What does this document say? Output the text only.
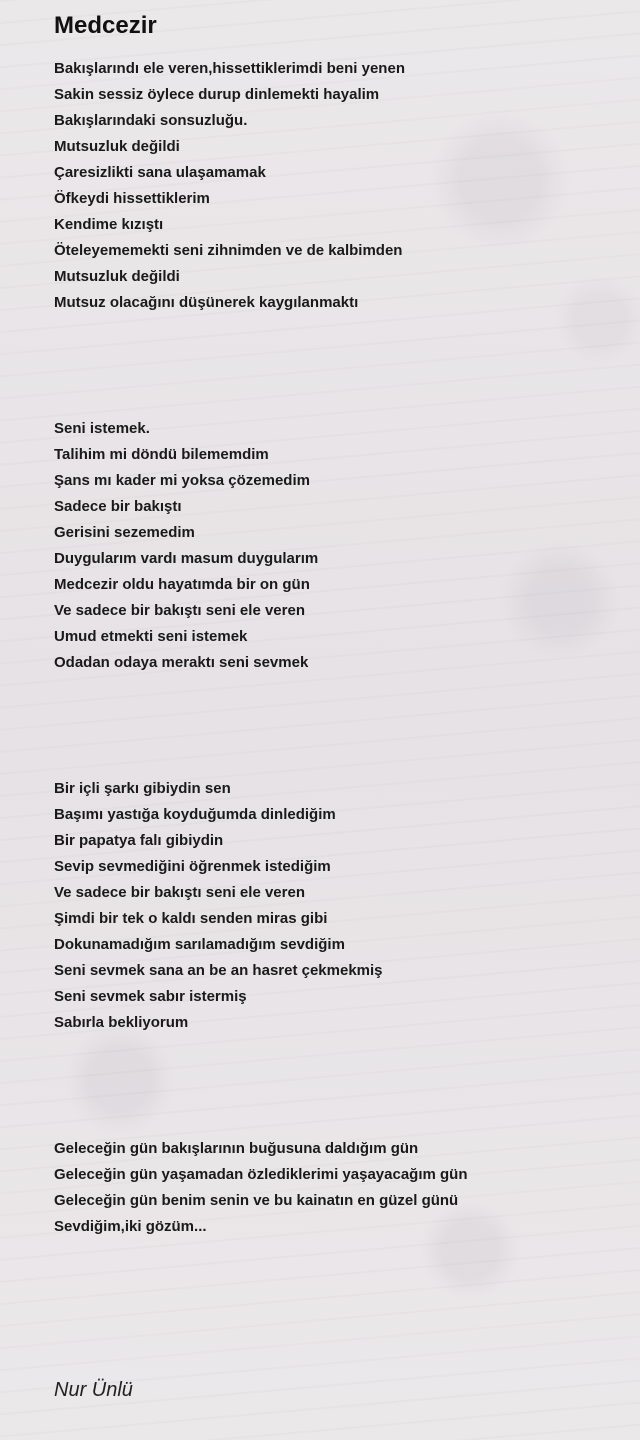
Medcezir
Bakışlarındı ele veren,hissettiklerimdi beni yenen
Sakin sessiz öylece durup dinlemekti hayalim
Bakışlarındaki sonsuzluğu.
Mutsuzluk değildi
Çaresizlikti sana ulaşamamak
Öfkeydi hissettiklerim
Kendime kızıştı
Öteleyememekti seni zihnimden ve de kalbimden
Mutsuzluk değildi
Mutsuz olacağını düşünerek kaygılanmaktı
Seni istemek.
Talihim mi döndü bilememdim
Şans mı kader mi yoksa çözemedim
Sadece bir bakıştı
Gerisini sezemedim
Duygularım vardı masum duygularım
Medcezir oldu hayatımda bir on gün
Ve sadece bir bakıştı seni ele veren
Umud etmekti seni istemek
Odadan odaya meraktı seni sevmek
Bir içli şarkı gibiydin sen
Başımı yastığa koyduğumda dinlediğim
Bir papatya falı gibiydin
Sevip sevmediğini öğrenmek istediğim
Ve sadece bir bakıştı seni ele veren
Şimdi bir tek o kaldı senden miras gibi
Dokunamadığım sarılamadığım sevdiğim
Seni sevmek sana an be an hasret çekmekmiş
Seni sevmek sabır istermiş
Sabırla bekliyorum
Geleceğin gün bakışlarının buğusuna daldığım gün
Geleceğin gün yaşamadan özlediklerimi yaşayacağım gün
Geleceğin gün benim senin ve bu kainatın en güzel günü
Sevdiğim,iki gözüm...
Nur Ünlü
